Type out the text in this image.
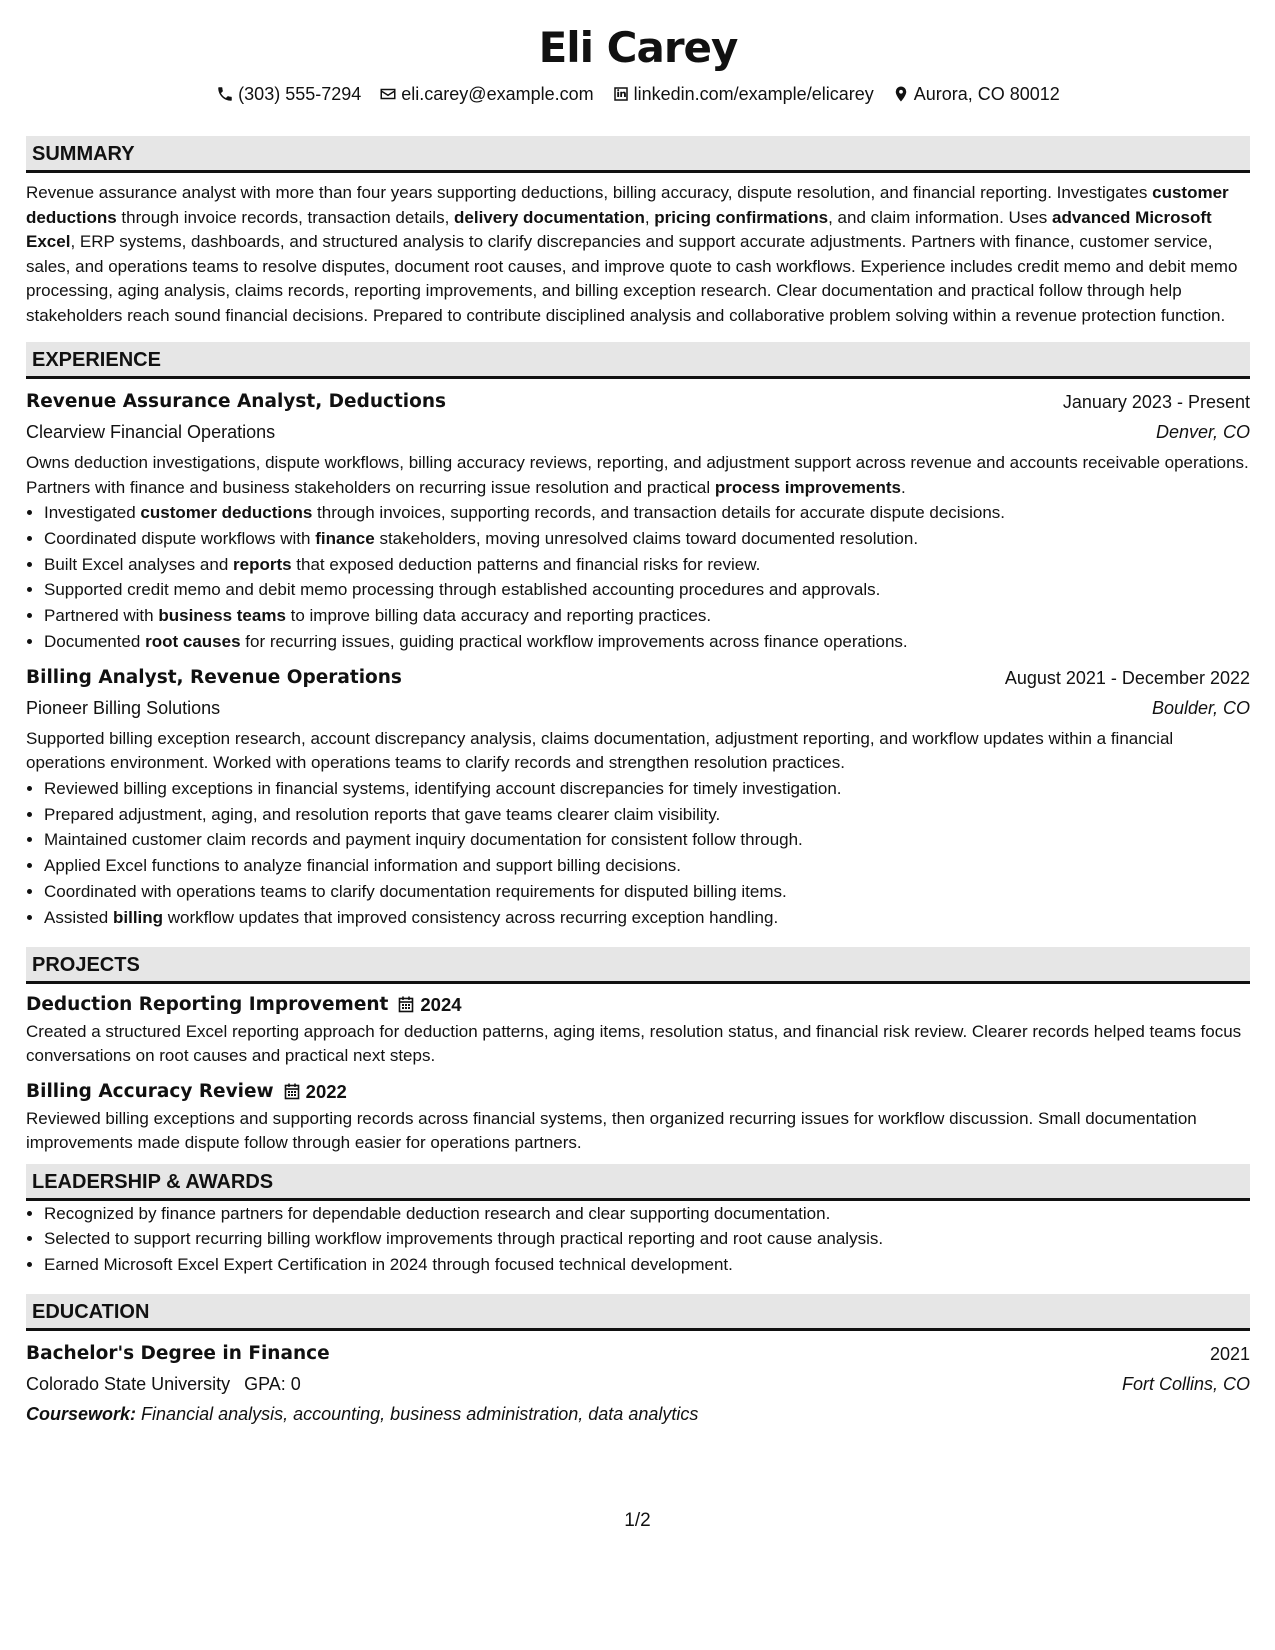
Eli Carey
(303) 555-7294 eli.carey@example.com linkedin.com/example/elicarey Aurora, CO 80012
SUMMARY
Revenue assurance analyst with more than four years supporting deductions, billing accuracy, dispute resolution, and financial reporting. Investigates customer deductions through invoice records, transaction details, delivery documentation, pricing confirmations, and claim information. Uses advanced Microsoft Excel, ERP systems, dashboards, and structured analysis to clarify discrepancies and support accurate adjustments. Partners with finance, customer service, sales, and operations teams to resolve disputes, document root causes, and improve quote to cash workflows. Experience includes credit memo and debit memo processing, aging analysis, claims records, reporting improvements, and billing exception research. Clear documentation and practical follow through help stakeholders reach sound financial decisions. Prepared to contribute disciplined analysis and collaborative problem solving within a revenue protection function.
EXPERIENCE
Revenue Assurance Analyst, Deductions	January 2023 - Present
Clearview Financial Operations	Denver, CO
Owns deduction investigations, dispute workflows, billing accuracy reviews, reporting, and adjustment support across revenue and accounts receivable operations. Partners with finance and business stakeholders on recurring issue resolution and practical process improvements.
• Investigated customer deductions through invoices, supporting records, and transaction details for accurate dispute decisions.
• Coordinated dispute workflows with finance stakeholders, moving unresolved claims toward documented resolution.
• Built Excel analyses and reports that exposed deduction patterns and financial risks for review.
• Supported credit memo and debit memo processing through established accounting procedures and approvals.
• Partnered with business teams to improve billing data accuracy and reporting practices.
• Documented root causes for recurring issues, guiding practical workflow improvements across finance operations.
Billing Analyst, Revenue Operations	August 2021 - December 2022
Pioneer Billing Solutions	Boulder, CO
Supported billing exception research, account discrepancy analysis, claims documentation, adjustment reporting, and workflow updates within a financial operations environment. Worked with operations teams to clarify records and strengthen resolution practices.
• Reviewed billing exceptions in financial systems, identifying account discrepancies for timely investigation.
• Prepared adjustment, aging, and resolution reports that gave teams clearer claim visibility.
• Maintained customer claim records and payment inquiry documentation for consistent follow through.
• Applied Excel functions to analyze financial information and support billing decisions.
• Coordinated with operations teams to clarify documentation requirements for disputed billing items.
• Assisted billing workflow updates that improved consistency across recurring exception handling.
PROJECTS
Deduction Reporting Improvement 2024
Created a structured Excel reporting approach for deduction patterns, aging items, resolution status, and financial risk review. Clearer records helped teams focus conversations on root causes and practical next steps.
Billing Accuracy Review 2022
Reviewed billing exceptions and supporting records across financial systems, then organized recurring issues for workflow discussion. Small documentation improvements made dispute follow through easier for operations partners.
LEADERSHIP & AWARDS
• Recognized by finance partners for dependable deduction research and clear supporting documentation.
• Selected to support recurring billing workflow improvements through practical reporting and root cause analysis.
• Earned Microsoft Excel Expert Certification in 2024 through focused technical development.
EDUCATION
Bachelor's Degree in Finance	2021
Colorado State University GPA: 0	Fort Collins, CO
Coursework: Financial analysis, accounting, business administration, data analytics
1/2
